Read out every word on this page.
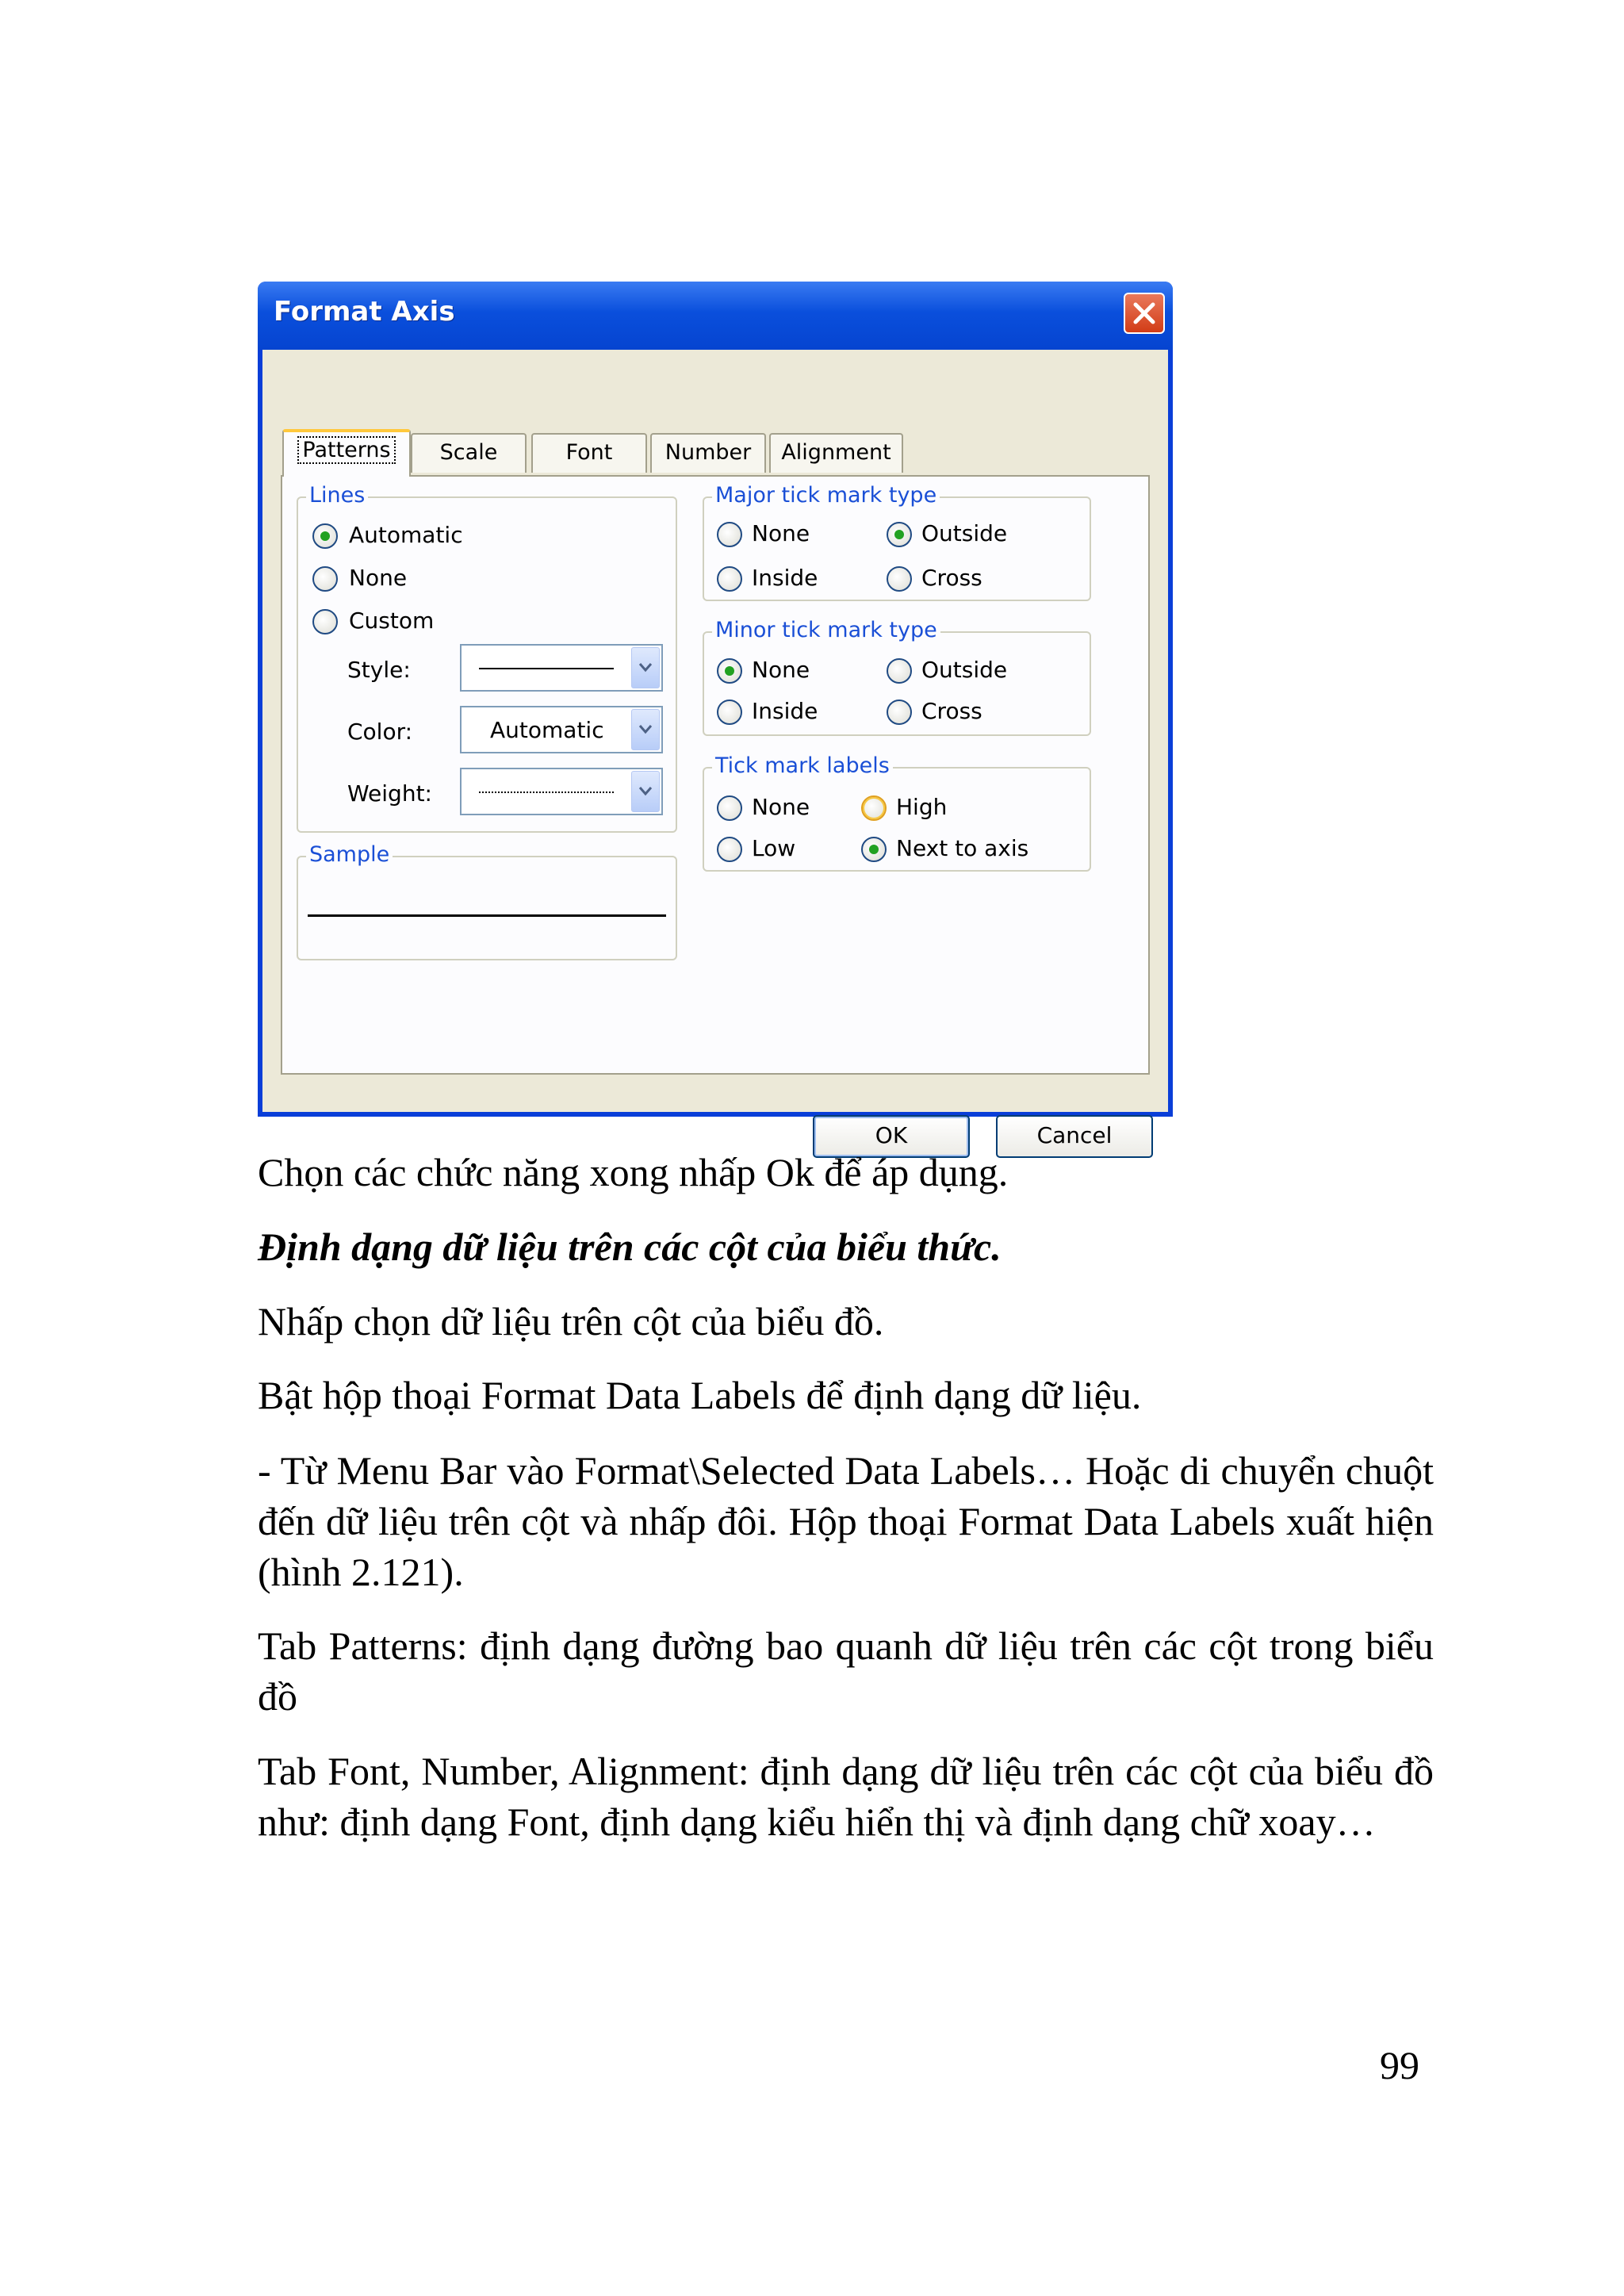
Format Axis
Patterns	Scale	Font	Number	Alignment
Lines
Automatic
None
Custom
Style:
Color:	Automatic
Weight:
Sample
Major tick mark type
None	Outside
Inside	Cross
Minor tick mark type
None	Outside
Inside	Cross
Tick mark labels
None	High
Low	Next to axis
OK	Cancel
Chọn các chức năng xong nhấp Ok để áp dụng.
Định dạng dữ liệu trên các cột của biểu thức.
Nhấp chọn dữ liệu trên cột của biểu đồ.
Bật hộp thoại Format Data Labels để định dạng dữ liệu.
- Từ Menu Bar vào Format\Selected Data Labels… Hoặc di chuyển chuột đến dữ liệu trên cột và nhấp đôi. Hộp thoại Format Data Labels xuất hiện (hình 2.121).
Tab Patterns: định dạng đường bao quanh dữ liệu trên các cột trong biểu đồ
Tab Font, Number, Alignment: định dạng dữ liệu trên các cột của biểu đồ như: định dạng Font, định dạng kiểu hiển thị và định dạng chữ xoay…
99
